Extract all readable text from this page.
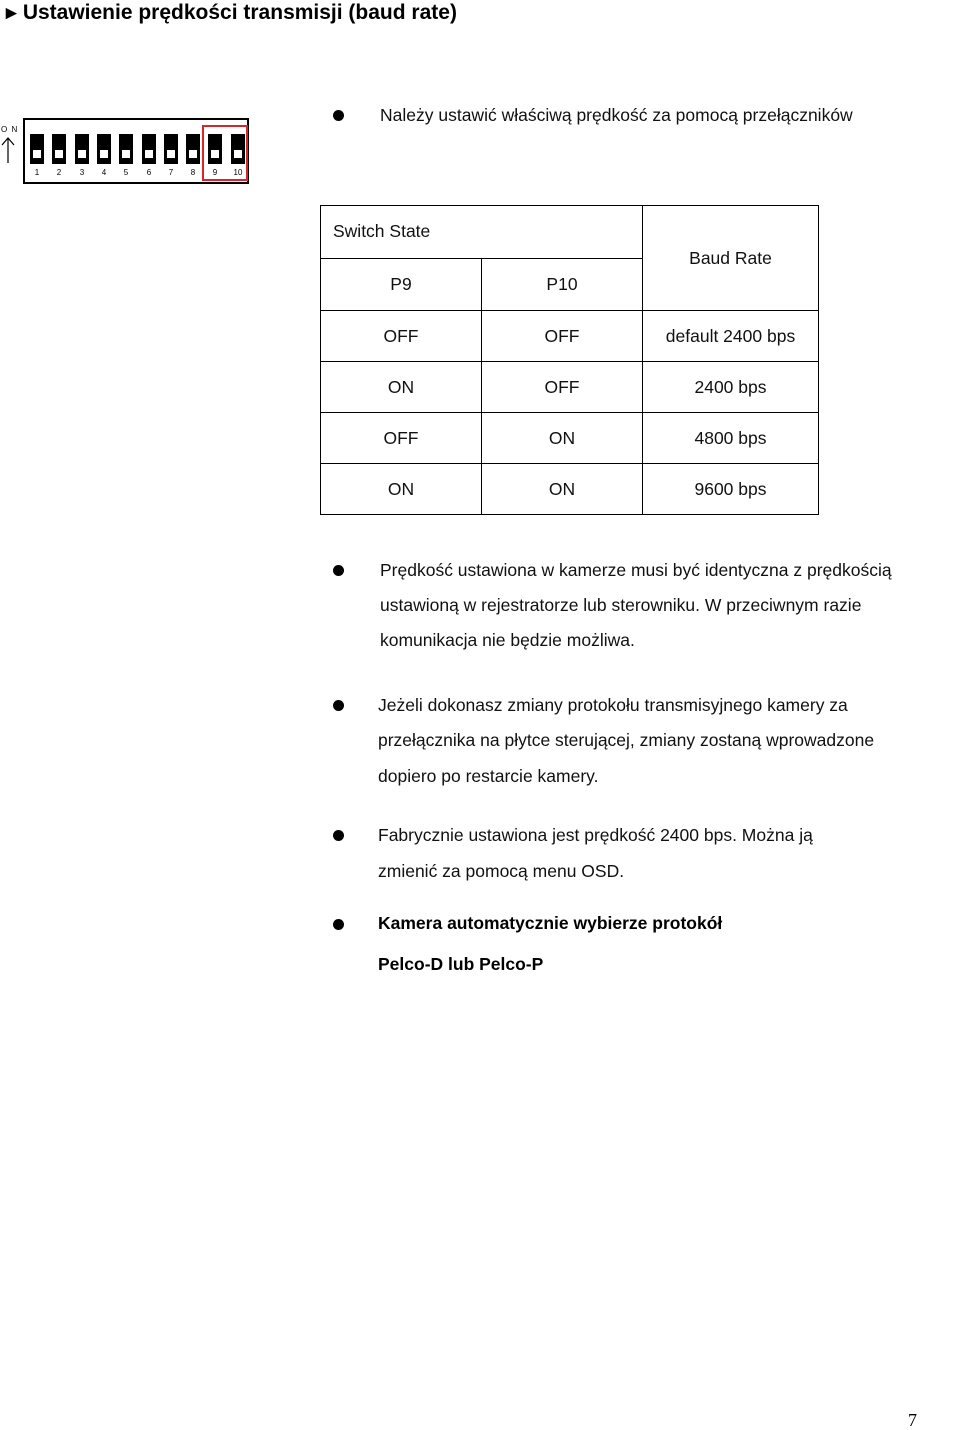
►Ustawienie prędkości transmisji (baud rate)
Należy ustawić właściwą prędkość za pomocą przełączników
O N
1	2	3	4	5	6	7	8	9	10
Switch State		Baud Rate
P9	P10	
OFF	OFF	default 2400 bps
ON	OFF	2400 bps
OFF	ON	4800 bps
ON	ON	9600 bps
Prędkość ustawiona w kamerze musi być identyczna z prędkością
ustawioną w rejestratorze lub sterowniku. W przeciwnym razie
komunikacja nie będzie możliwa.
Jeżeli dokonasz zmiany protokołu transmisyjnego kamery za
przełącznika na płytce sterującej, zmiany zostaną wprowadzone
dopiero po restarcie kamery.
Fabrycznie ustawiona jest prędkość 2400 bps. Można ją
zmienić za pomocą menu OSD.
Kamera automatycznie wybierze protokół
Pelco-D lub Pelco-P
7
